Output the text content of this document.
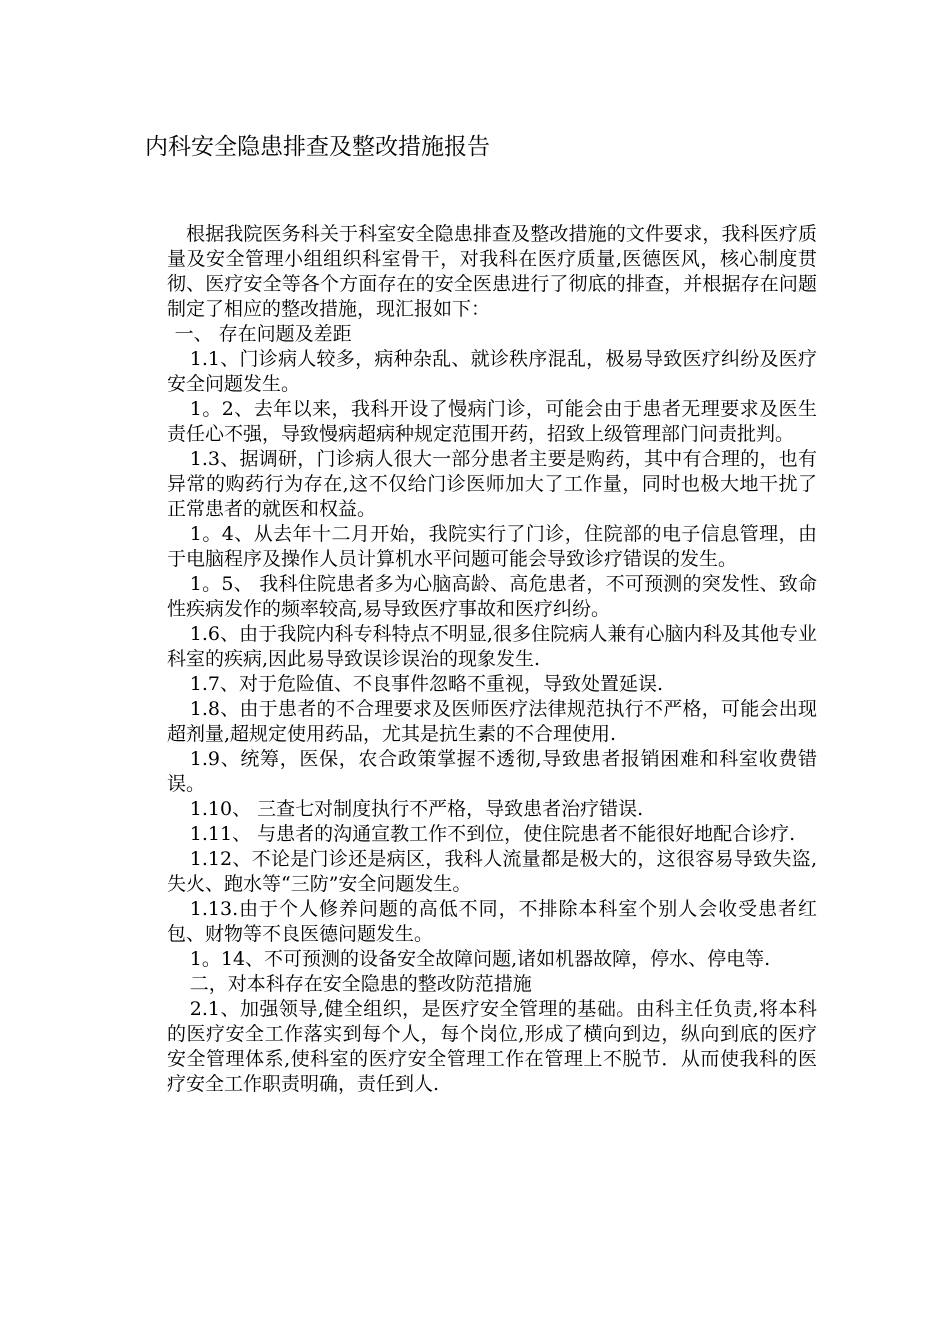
内科安全隐患排查及整改措施报告

根据我院医务科关于科室安全隐患排查及整改措施的文件要求，我科医疗质量及安全管理小组组织科室骨干，对我科在医疗质量,医德医风，核心制度贯彻、医疗安全等各个方面存在的安全医患进行了彻底的排查，并根据存在问题制定了相应的整改措施，现汇报如下：

一、 存在问题及差距

1.1、门诊病人较多，病种杂乱、就诊秩序混乱，极易导致医疗纠纷及医疗安全问题发生。

1。2、去年以来，我科开设了慢病门诊，可能会由于患者无理要求及医生责任心不强，导致慢病超病种规定范围开药，招致上级管理部门问责批判。

1.3、据调研，门诊病人很大一部分患者主要是购药，其中有合理的，也有异常的购药行为存在,这不仅给门诊医师加大了工作量，同时也极大地干扰了正常患者的就医和权益。

1。4、从去年十二月开始，我院实行了门诊，住院部的电子信息管理，由于电脑程序及操作人员计算机水平问题可能会导致诊疗错误的发生。

1。5、 我科住院患者多为心脑高龄、高危患者，不可预测的突发性、致命性疾病发作的频率较高,易导致医疗事故和医疗纠纷。

1.6、由于我院内科专科特点不明显,很多住院病人兼有心脑内科及其他专业科室的疾病,因此易导致误诊误治的现象发生.

1.7、对于危险值、不良事件忽略不重视，导致处置延误.

1.8、由于患者的不合理要求及医师医疗法律规范执行不严格，可能会出现超剂量,超规定使用药品，尤其是抗生素的不合理使用.

1.9、统筹，医保，农合政策掌握不透彻,导致患者报销困难和科室收费错误。

1.10、 三查七对制度执行不严格，导致患者治疗错误.

1.11、 与患者的沟通宣教工作不到位，使住院患者不能很好地配合诊疗.

1.12、不论是门诊还是病区，我科人流量都是极大的，这很容易导致失盗,失火、跑水等“三防”安全问题发生。

1.13.由于个人修养问题的高低不同，不排除本科室个别人会收受患者红包、财物等不良医德问题发生。

1。14、不可预测的设备安全故障问题,诸如机器故障，停水、停电等.

二，对本科存在安全隐患的整改防范措施

2.1、加强领导,健全组织，是医疗安全管理的基础。由科主任负责,将本科的医疗安全工作落实到每个人，每个岗位,形成了横向到边，纵向到底的医疗安全管理体系,使科室的医疗安全管理工作在管理上不脱节．从而使我科的医疗安全工作职责明确，责任到人.
